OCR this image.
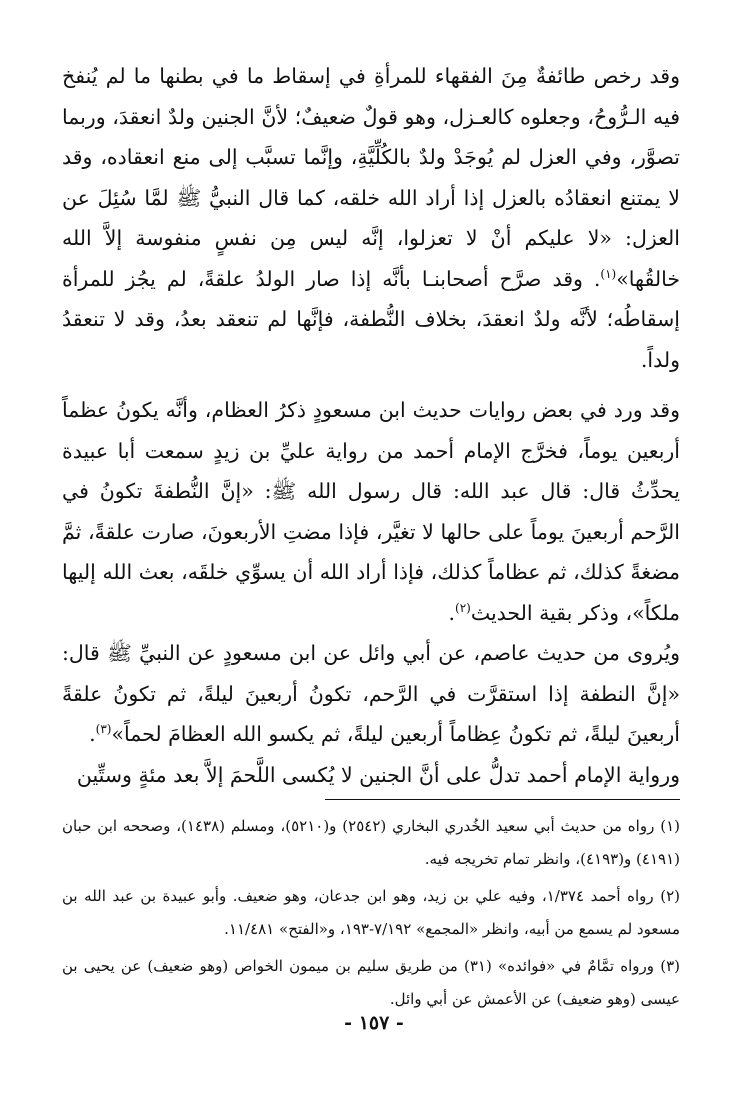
وقد رخص طائفةٌ مِنَ الفقهاء للمرأةِ في إسقاط ما في بطنها ما لم يُنفخ فيه الـرُّوحُ، وجعلوه كالعـزل، وهو قولٌ ضعيفٌ؛ لأنَّ الجنين ولدٌ انعقدَ، وربما تصوَّر، وفي العزل لم يُوجَدْ ولدٌ بالكُلِّيَّةِ، وإنَّما تسبَّب إلى منع انعقاده، وقد لا يمتنع انعقادُه بالعزل إذا أراد الله خلقه، كما قال النبيُّ ﷺ لمَّا سُئِلَ عن العزل: «لا عليكم أنْ لا تعزلوا، إنَّه ليس مِن نفسٍ منفوسة إلاَّ الله خالقُها»$^{(١)}$. وقد صرَّح أصحابنـا بأنَّه إذا صار الولدُ علقةً، لم يجُز للمرأة إسقاطُه؛ لأنَّه ولدٌ انعقدَ، بخلاف النُّطفة، فإنَّها لم تنعقد بعدُ، وقد لا تنعقدُ ولداً.

وقد ورد في بعض روايات حديث ابن مسعودٍ ذكرُ العظام، وأنَّه يكونُ عظماً أربعين يوماً، فخرَّج الإمام أحمد من رواية عليِّ بن زيدٍ سمعت أبا عبيدة يحدِّثُ قال: قال عبد الله: قال رسول الله ﷺ: «إنَّ النُّطفةَ تكونُ في الرَّحم أربعينَ يوماً على حالها لا تغيَّر، فإذا مضتِ الأربعونَ، صارت علقةً، ثمَّ مضغةً كذلك، ثم عظاماً كذلك، فإذا أراد الله أن يسوِّي خلقَه، بعث الله إليها ملكاً»، وذكر بقية الحديث$^{(٢)}$.

ويُروى من حديث عاصم، عن أبي وائل عن ابن مسعودٍ عن النبيِّ ﷺ قال: «إنَّ النطفة إذا استقرَّت في الرَّحم، تكونُ أربعينَ ليلةً، ثم تكونُ علقةً أربعينَ ليلةً، ثم تكونُ عِظاماً أربعين ليلةً، ثم يكسو الله العظامَ لحماً»$^{(٣)}$.

ورواية الإمام أحمد تدلُّ على أنَّ الجنين لا يُكسى اللَّحمَ إلاَّ بعد مئةٍ وستِّين

(١) رواه من حديث أبي سعيد الخُدري البخاري (٢٥٤٢) و(٥٢١٠)، ومسلم (١٤٣٨)، وصححه ابن حبان (٤١٩١) و(٤١٩٣)، وانظر تمام تخريجه فيه.

(٢) رواه أحمد ١/٣٧٤، وفيه علي بن زيد، وهو ابن جدعان، وهو ضعيف. وأبو عبيدة بن عبد الله بن مسعود لم يسمع من أبيه، وانظر «المجمع» ٧/١٩٢-١٩٣، و«الفتح» ١١/٤٨١.

(٣) ورواه تمَّامٌ في «فوائده» (٣١) من طريق سليم بن ميمون الخواص (وهو ضعيف) عن يحيى بن عيسى (وهو ضعيف) عن الأعمش عن أبي وائل.

- ١٥٧ -
